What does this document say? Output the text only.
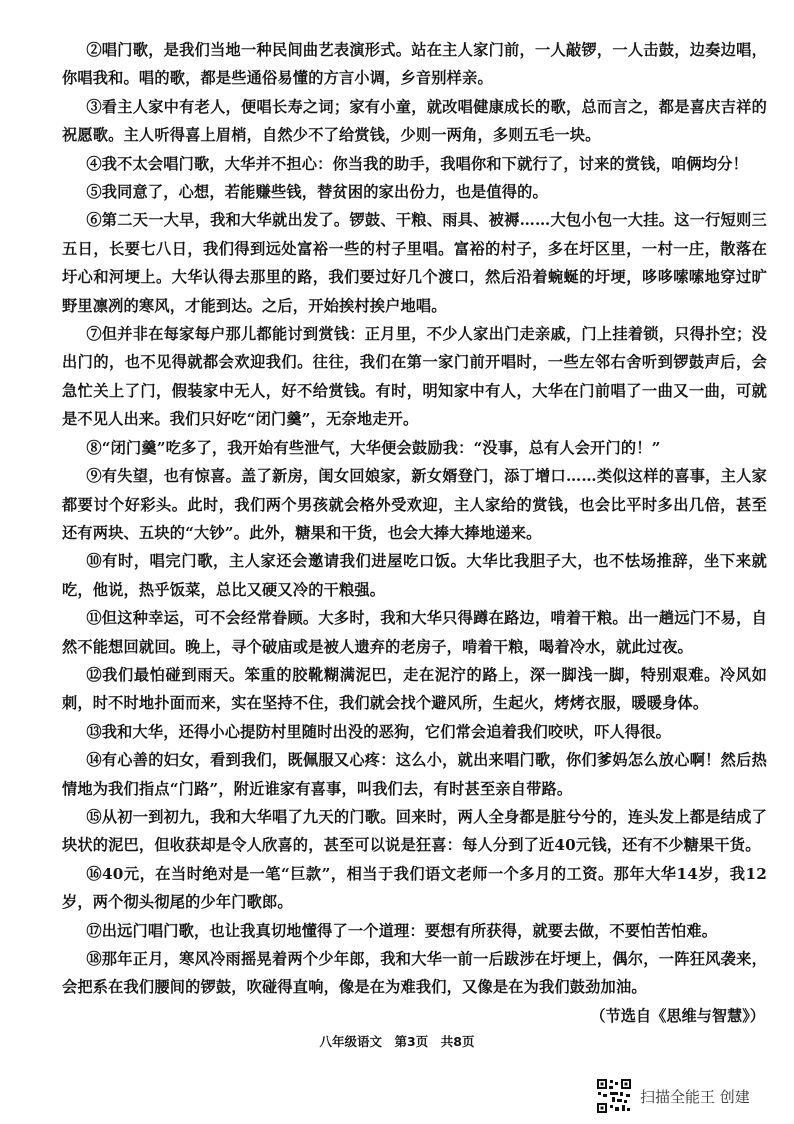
②唱门歌，是我们当地一种民间曲艺表演形式。站在主人家门前，一人敲锣，一人击鼓，边奏边唱，你唱我和。唱的歌，都是些通俗易懂的方言小调，乡音别样亲。

③看主人家中有老人，便唱长寿之词；家有小童，就改唱健康成长的歌，总而言之，都是喜庆吉祥的祝愿歌。主人听得喜上眉梢，自然少不了给赏钱，少则一两角，多则五毛一块。

④我不太会唱门歌，大华并不担心：你当我的助手，我唱你和下就行了，讨来的赏钱，咱俩均分！

⑤我同意了，心想，若能赚些钱，替贫困的家出份力，也是值得的。

⑥第二天一大早，我和大华就出发了。锣鼓、干粮、雨具、被褥……大包小包一大挂。这一行短则三五日，长要七八日，我们得到远处富裕一些的村子里唱。富裕的村子，多在圩区里，一村一庄，散落在圩心和河埂上。大华认得去那里的路，我们要过好几个渡口，然后沿着蜿蜒的圩埂，哆哆嗦嗦地穿过旷野里凛冽的寒风，才能到达。之后，开始挨村挨户地唱。

⑦但并非在每家每户那儿都能讨到赏钱：正月里，不少人家出门走亲戚，门上挂着锁，只得扑空；没出门的，也不见得就都会欢迎我们。往往，我们在第一家门前开唱时，一些左邻右舍听到锣鼓声后，会急忙关上了门，假装家中无人，好不给赏钱。有时，明知家中有人，大华在门前唱了一曲又一曲，可就是不见人出来。我们只好吃“闭门羹”，无奈地走开。

⑧“闭门羹”吃多了，我开始有些泄气，大华便会鼓励我：“没事，总有人会开门的！”

⑨有失望，也有惊喜。盖了新房，闺女回娘家，新女婿登门，添丁增口……类似这样的喜事，主人家都要讨个好彩头。此时，我们两个男孩就会格外受欢迎，主人家给的赏钱，也会比平时多出几倍，甚至还有两块、五块的“大钞”。此外，糖果和干货，也会大捧大捧地递来。

⑩有时，唱完门歌，主人家还会邀请我们进屋吃口饭。大华比我胆子大，也不怯场推辞，坐下来就吃，他说，热乎饭菜，总比又硬又冷的干粮强。

⑪但这种幸运，可不会经常眷顾。大多时，我和大华只得蹲在路边，啃着干粮。出一趟远门不易，自然不能想回就回。晚上，寻个破庙或是被人遗弃的老房子，啃着干粮，喝着冷水，就此过夜。

⑫我们最怕碰到雨天。笨重的胶靴糊满泥巴，走在泥泞的路上，深一脚浅一脚，特别艰难。冷风如刺，时不时地扑面而来，实在坚持不住，我们就会找个避风所，生起火，烤烤衣服，暖暖身体。

⑬我和大华，还得小心提防村里随时出没的恶狗，它们常会追着我们咬吠，吓人得很。

⑭有心善的妇女，看到我们，既佩服又心疼：这么小，就出来唱门歌，你们爹妈怎么放心啊！然后热情地为我们指点“门路”，附近谁家有喜事，叫我们去，有时甚至亲自带路。

⑮从初一到初九，我和大华唱了九天的门歌。回来时，两人全身都是脏兮兮的，连头发上都是结成了块状的泥巴，但收获却是令人欣喜的，甚至可以说是狂喜：每人分到了近40元钱，还有不少糖果干货。

⑯40元，在当时绝对是一笔“巨款”，相当于我们语文老师一个多月的工资。那年大华14岁，我12岁，两个彻头彻尾的少年门歌郎。

⑰出远门唱门歌，也让我真切地懂得了一个道理：要想有所获得，就要去做，不要怕苦怕难。

⑱那年正月，寒风冷雨摇晃着两个少年郎，我和大华一前一后跋涉在圩埂上，偶尔，一阵狂风袭来，会把系在我们腰间的锣鼓，吹碰得直响，像是在为难我们，又像是在为我们鼓劲加油。

（节选自《思维与智慧》）

八年级语文　第3页　共8页
扫描全能王 创建
